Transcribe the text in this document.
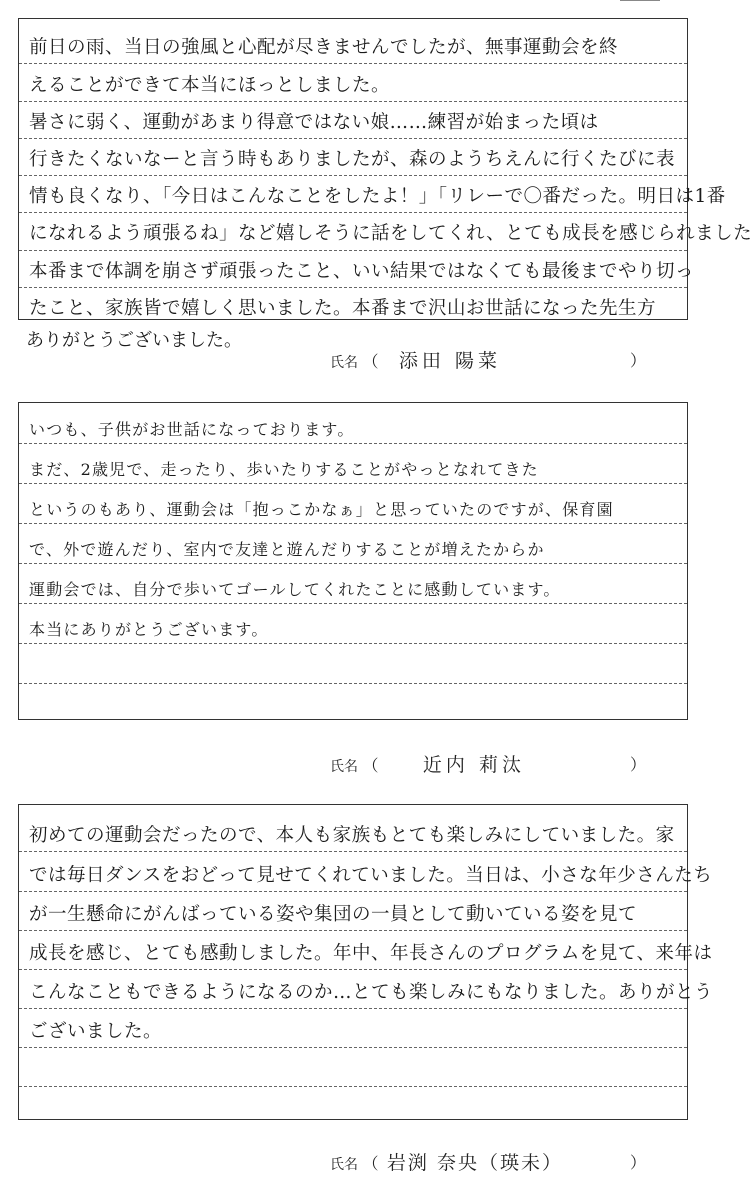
前日の雨、当日の強風と心配が尽きませんでしたが、無事運動会を終
えることができて本当にほっとしました。
暑さに弱く、運動があまり得意ではない娘……練習が始まった頃は
行きたくないなーと言う時もありましたが、森のようちえんに行くたびに表
情も良くなり、「今日はこんなことをしたよ！」「リレーで〇番だった。明日は1番
になれるよう頑張るね」など嬉しそうに話をしてくれ、とても成長を感じられました
本番まで体調を崩さず頑張ったこと、いい結果ではなくても最後までやり切っ
たこと、家族皆で嬉しく思いました。本番まで沢山お世話になった先生方
ありがとうございました。
氏名 （ 添田 陽菜	）
いつも、子供がお世話になっております。
まだ、2歳児で、走ったり、歩いたりすることがやっとなれてきた
というのもあり、運動会は「抱っこかなぁ」と思っていたのですが、保育園
で、外で遊んだり、室内で友達と遊んだりすることが増えたからか
運動会では、自分で歩いてゴールしてくれたことに感動しています。
本当にありがとうございます。
氏名 （ 近内 莉汰	）
初めての運動会だったので、本人も家族もとても楽しみにしていました。家
では毎日ダンスをおどって見せてくれていました。当日は、小さな年少さんたち
が一生懸命にがんばっている姿や集団の一員として動いている姿を見て
成長を感じ、とても感動しました。年中、年長さんのプログラムを見て、来年は
こんなこともできるようになるのか…とても楽しみにもなりました。ありがとう
ございました。
氏名 （ 岩渕 奈央（瑛未）	）
